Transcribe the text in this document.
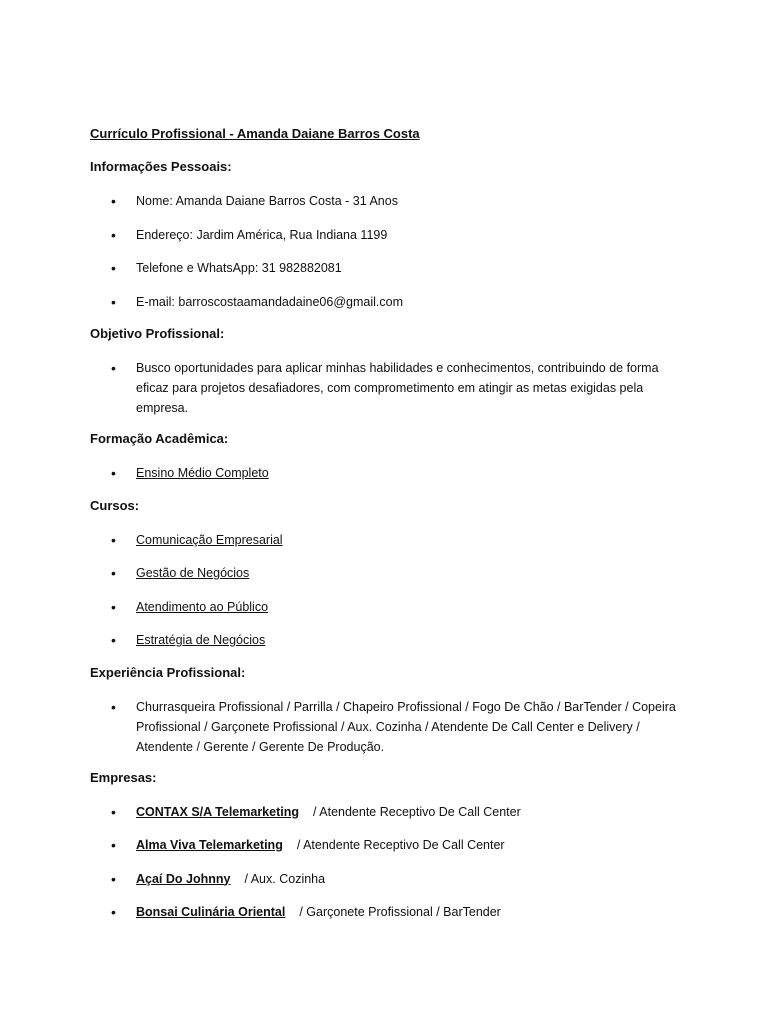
Currículo Profissional - Amanda Daiane Barros Costa
Informações Pessoais:
• Nome: Amanda Daiane Barros Costa - 31 Anos
• Endereço: Jardim América, Rua Indiana 1199
• Telefone e WhatsApp: 31 982882081
• E-mail: barroscostaamandadaine06@gmail.com
Objetivo Profissional:
• Busco oportunidades para aplicar minhas habilidades e conhecimentos, contribuindo de forma eficaz para projetos desafiadores, com comprometimento em atingir as metas exigidas pela empresa.
Formação Acadêmica:
• Ensino Médio Completo
Cursos:
• Comunicação Empresarial
• Gestão de Negócios
• Atendimento ao Público
• Estratégia de Negócios
Experiência Profissional:
• Churrasqueira Profissional / Parrilla / Chapeiro Profissional / Fogo De Chão / BarTender / Copeira Profissional / Garçonete Profissional / Aux. Cozinha / Atendente De Call Center e Delivery /     Atendente / Gerente / Gerente De Produção.
Empresas:
• CONTAX S/A Telemarketing / Atendente Receptivo De Call Center
• Alma Viva Telemarketing / Atendente Receptivo De Call Center
• Açaí Do Johnny / Aux. Cozinha
• Bonsai Culinária Oriental / Garçonete Profissional / BarTender
